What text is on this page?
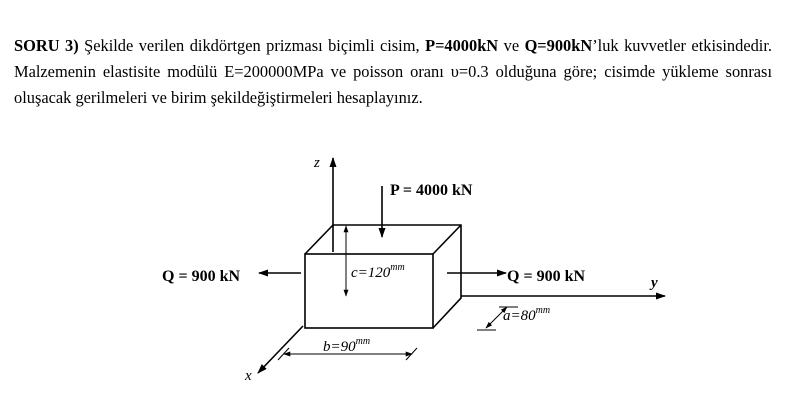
SORU 3) Şekilde verilen dikdörtgen prizması biçimli cisim, P=4000kN ve Q=900kN’luk kuvvetler etkisindedir. Malzemenin elastisite modülü E=200000MPa ve poisson oranı υ=0.3 olduğuna göre; cisimde yükleme sonrası oluşacak gerilmeleri ve birim şekildeğiştirmeleri hesaplayınız.
z
y
x
P = 4000 kN
Q = 900 kN	Q = 900 kN
$c=120^{mm}$
$b=90^{mm}$
$a=80^{mm}$
